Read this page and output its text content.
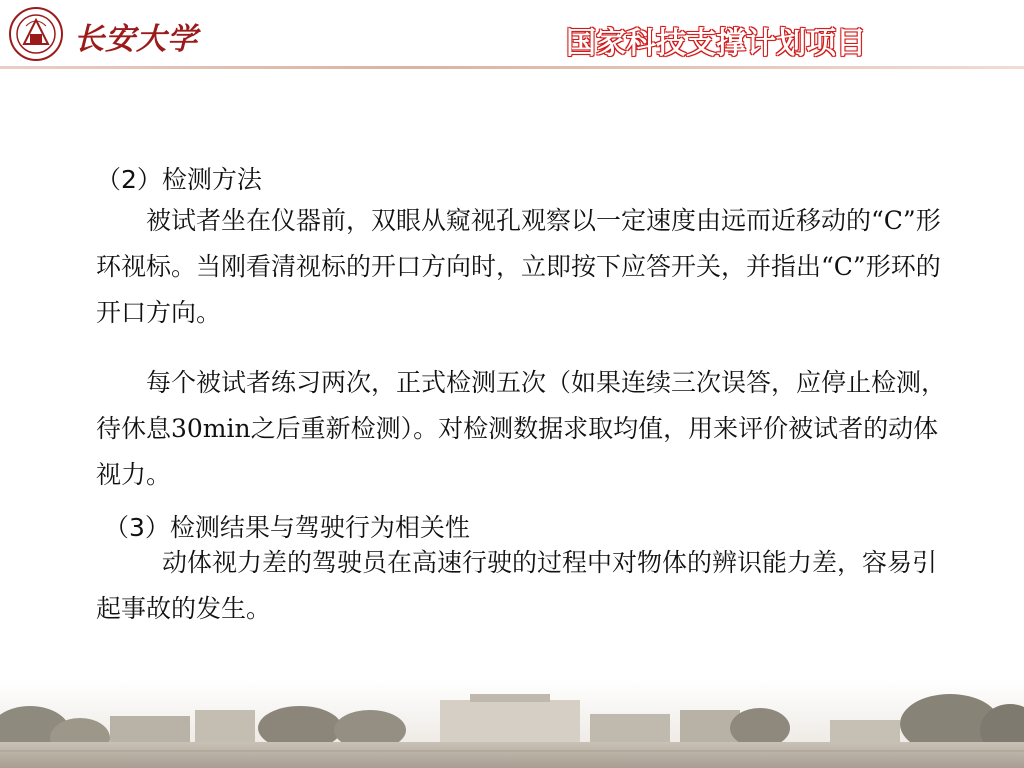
长安大学	国家科技支撑计划项目
（2）检测方法
被试者坐在仪器前，双眼从窥视孔观察以一定速度由远而近移动的“C”形环视标。当刚看清视标的开口方向时，立即按下应答开关，并指出“C”形环的开口方向。
每个被试者练习两次，正式检测五次（如果连续三次误答，应停止检测，待休息30min之后重新检测）。对检测数据求取均值，用来评价被试者的动体视力。
（3）检测结果与驾驶行为相关性
动体视力差的驾驶员在高速行驶的过程中对物体的辨识能力差，容易引起事故的发生。
